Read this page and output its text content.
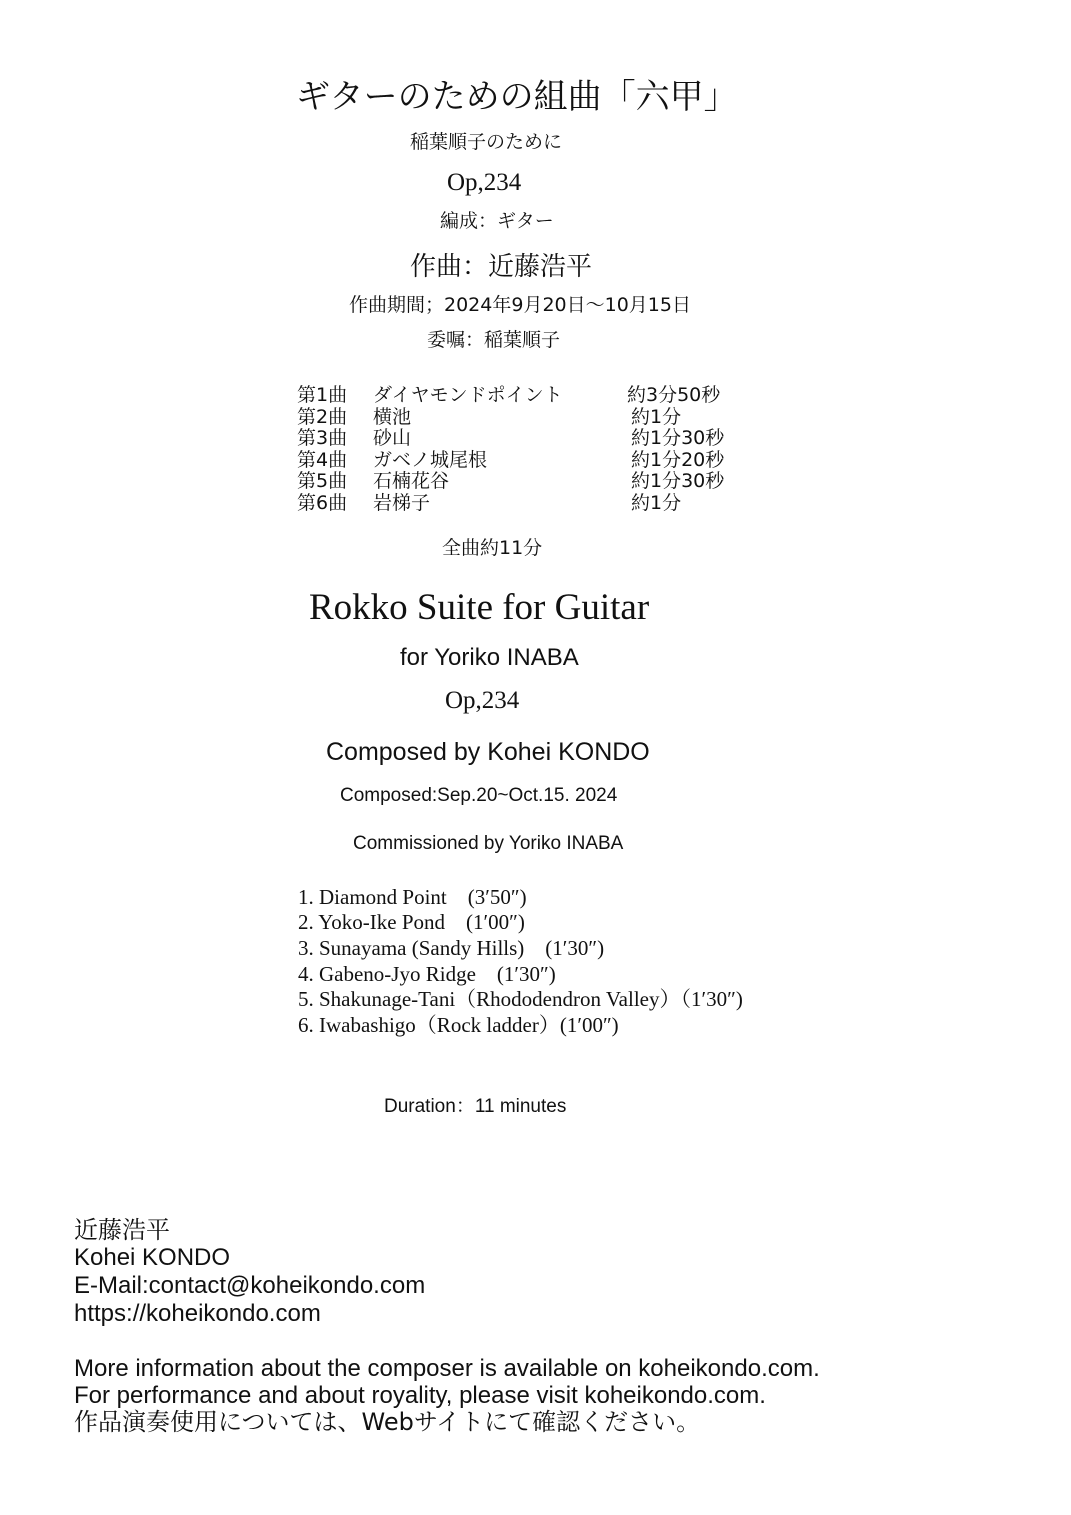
ギターのための組曲「六甲」
稲葉順子のために
Op,234
編成：ギター
作曲：近藤浩平
作曲期間；2024年9月20日〜10月15日
委嘱：稲葉順子
第1曲 ダイヤモンドポイント	約3分50秒
第2曲 横池	約1分
第3曲 砂山	約1分30秒
第4曲 ガベノ城尾根	約1分20秒
第5曲 石楠花谷	約1分30秒
第6曲 岩梯子	約1分
全曲約11分
Rokko Suite for Guitar
for Yoriko INABA
Op,234
Composed by Kohei KONDO
Composed:Sep.20~Oct.15. 2024
Commissioned by Yoriko INABA
1. Diamond Point　(3′50″)
2. Yoko-Ike Pond　(1′00″)
3. Sunayama (Sandy Hills)　(1′30″)
4. Gabeno-Jyo Ridge　(1′30″)
5. Shakunage-Tani（Rhododendron Valley）（1′30″)
6. Iwabashigo（Rock ladder）(1′00″)
Duration：11 minutes
近藤浩平
Kohei KONDO
E-Mail:contact@koheikondo.com
https://koheikondo.com
More information about the composer is available on koheikondo.com.
For performance and about royality, please visit koheikondo.com.
作品演奏使用については、Webサイトにて確認ください。
